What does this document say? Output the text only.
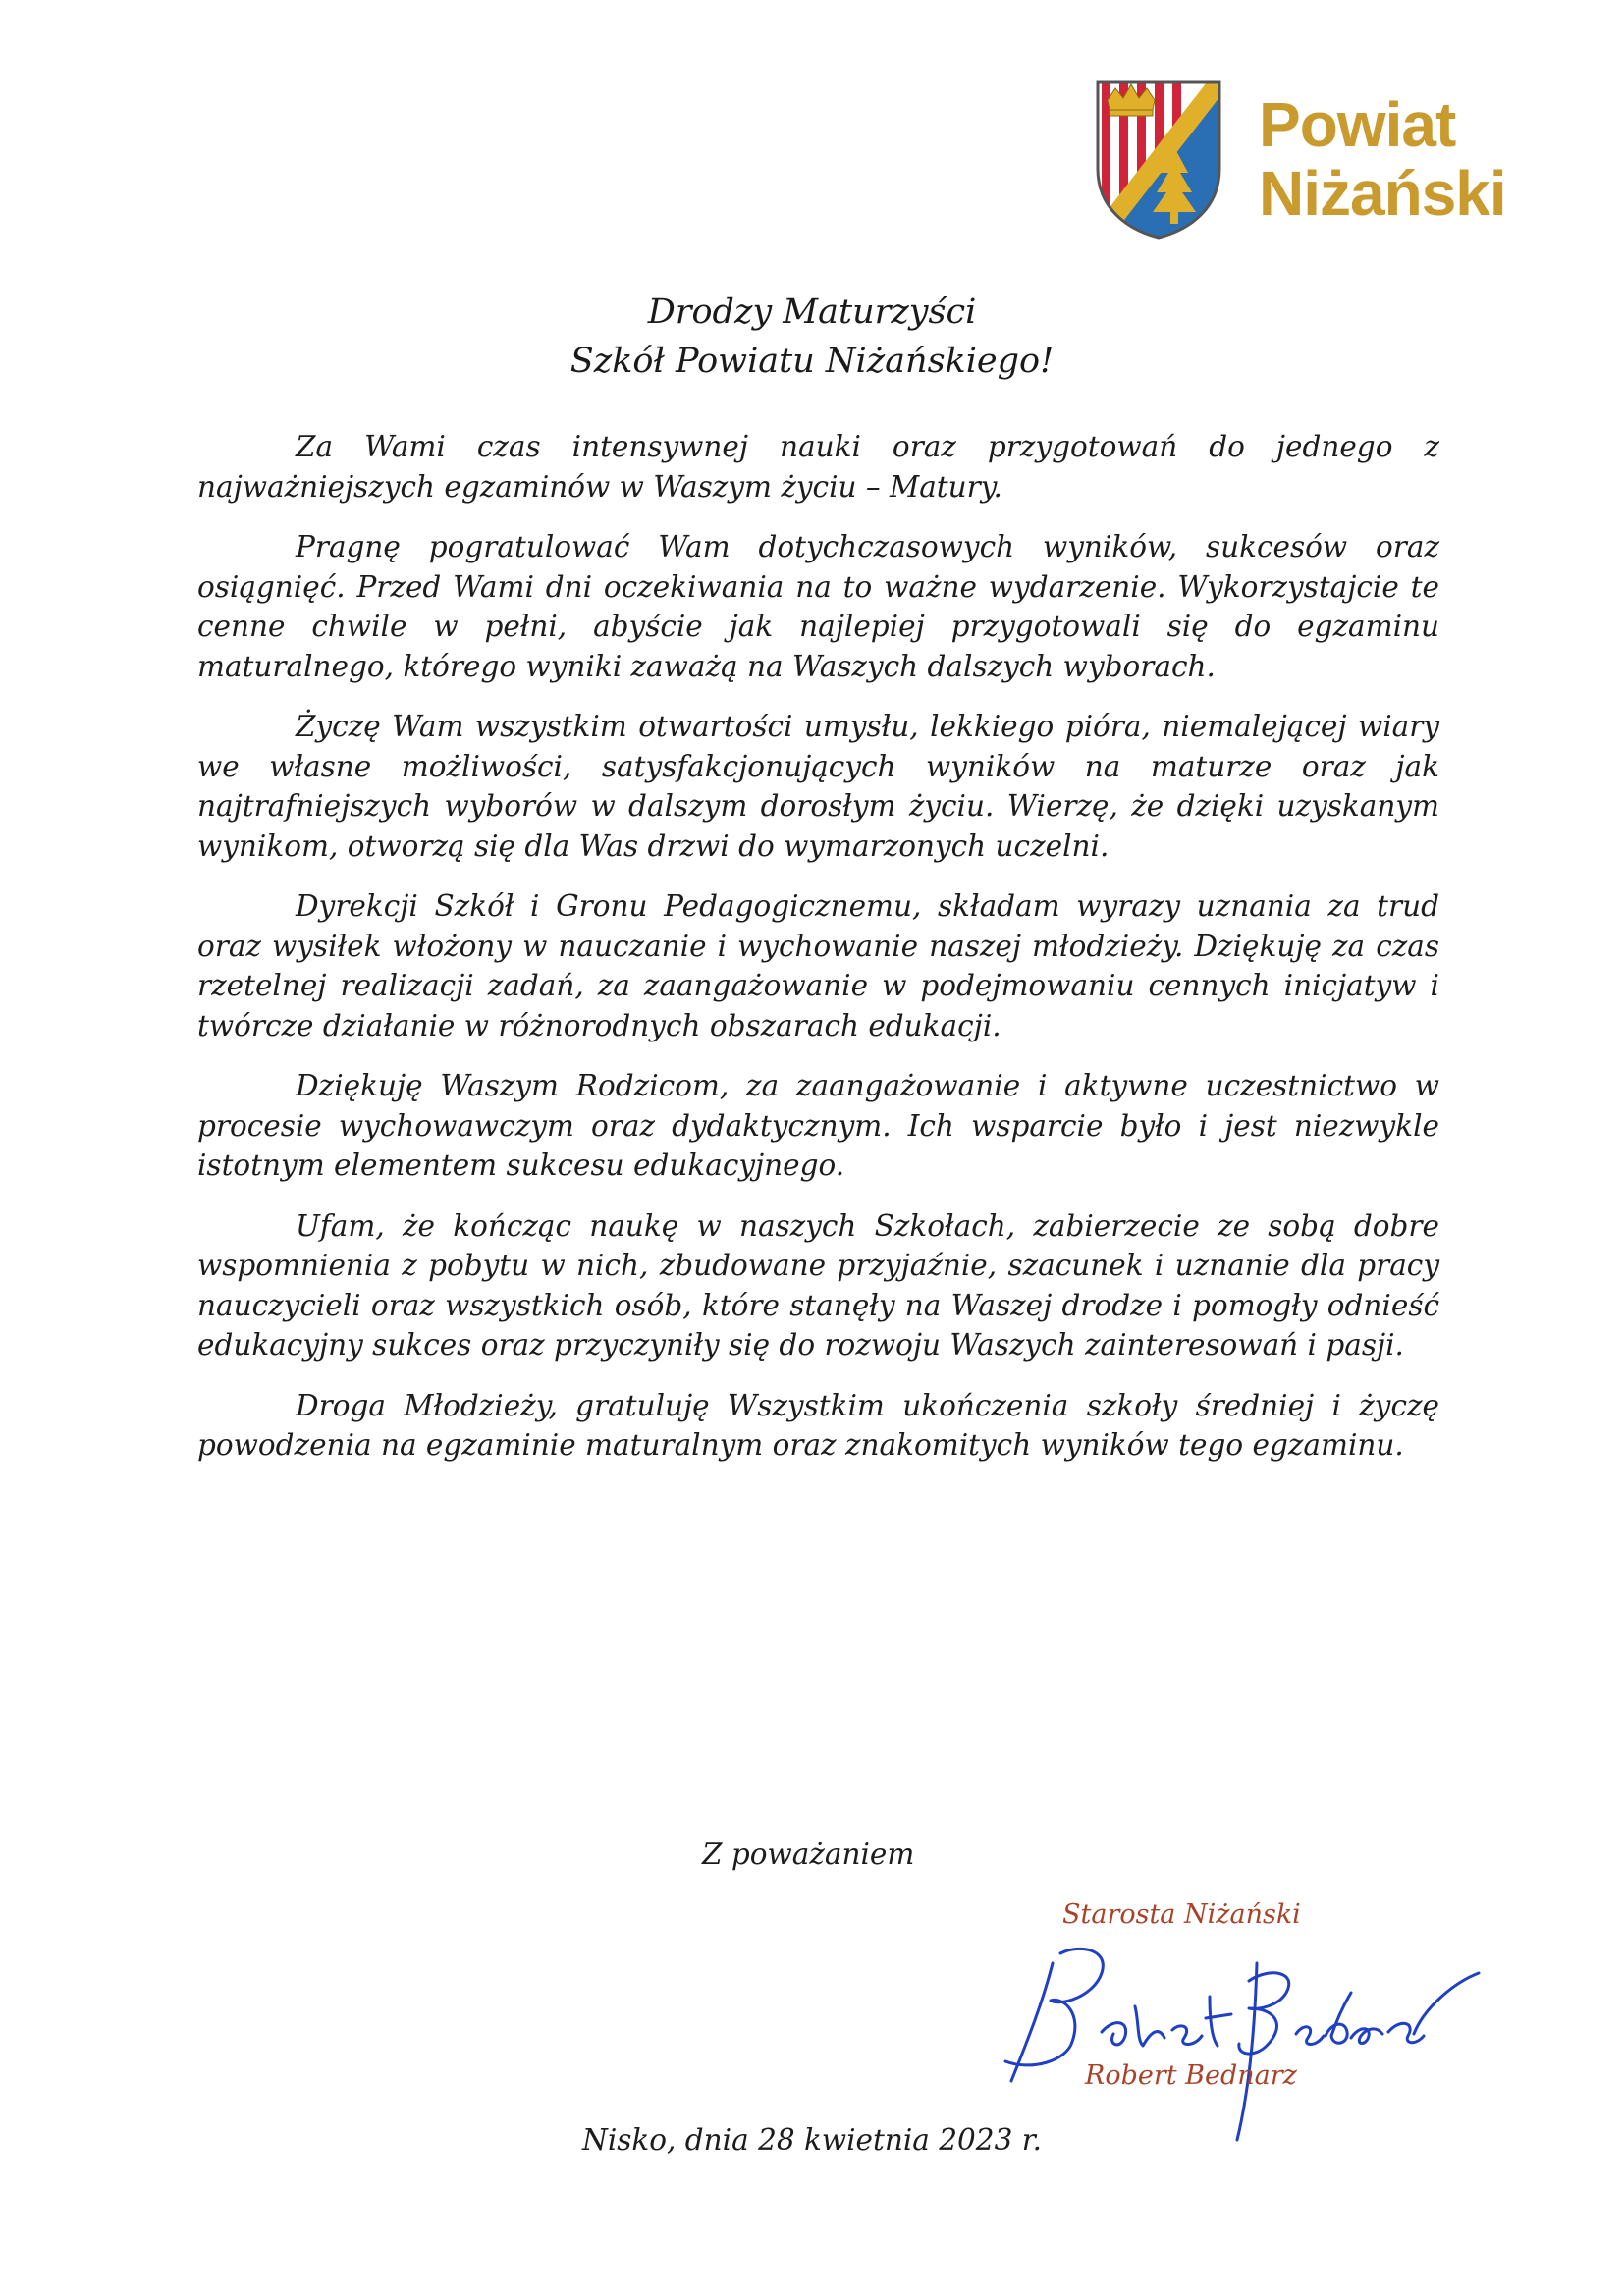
Powiat
Niżański
Drodzy Maturzyści
Szkół Powiatu Niżańskiego!

Za Wami czas intensywnej nauki oraz przygotowań do jednego z najważniejszych egzaminów w Waszym życiu – Matury.

Pragnę pogratulować Wam dotychczasowych wyników, sukcesów oraz osiągnięć. Przed Wami dni oczekiwania na to ważne wydarzenie. Wykorzystajcie te cenne chwile w pełni, abyście jak najlepiej przygotowali się do egzaminu maturalnego, którego wyniki zaważą na Waszych dalszych wyborach.

Życzę Wam wszystkim otwartości umysłu, lekkiego pióra, niemalejącej wiary we własne możliwości, satysfakcjonujących wyników na maturze oraz jak najtrafniejszych wyborów w dalszym dorosłym życiu. Wierzę, że dzięki uzyskanym wynikom, otworzą się dla Was drzwi do wymarzonych uczelni.

Dyrekcji Szkół i Gronu Pedagogicznemu, składam wyrazy uznania za trud oraz wysiłek włożony w nauczanie i wychowanie naszej młodzieży. Dziękuję za czas rzetelnej realizacji zadań, za zaangażowanie w podejmowaniu cennych inicjatyw i twórcze działanie w różnorodnych obszarach edukacji.

Dziękuję Waszym Rodzicom, za zaangażowanie i aktywne uczestnictwo w procesie wychowawczym oraz dydaktycznym. Ich wsparcie było i jest niezwykle istotnym elementem sukcesu edukacyjnego.

Ufam, że kończąc naukę w naszych Szkołach, zabierzecie ze sobą dobre wspomnienia z pobytu w nich, zbudowane przyjaźnie, szacunek i uznanie dla pracy nauczycieli oraz wszystkich osób, które stanęły na Waszej drodze i pomogły odnieść edukacyjny sukces oraz przyczyniły się do rozwoju Waszych zainteresowań i pasji.

Droga Młodzieży, gratuluję Wszystkim ukończenia szkoły średniej i życzę powodzenia na egzaminie maturalnym oraz znakomitych wyników tego egzaminu.

Z poważaniem
Starosta Niżański
Robert Bednarz
Nisko, dnia 28 kwietnia 2023 r.
